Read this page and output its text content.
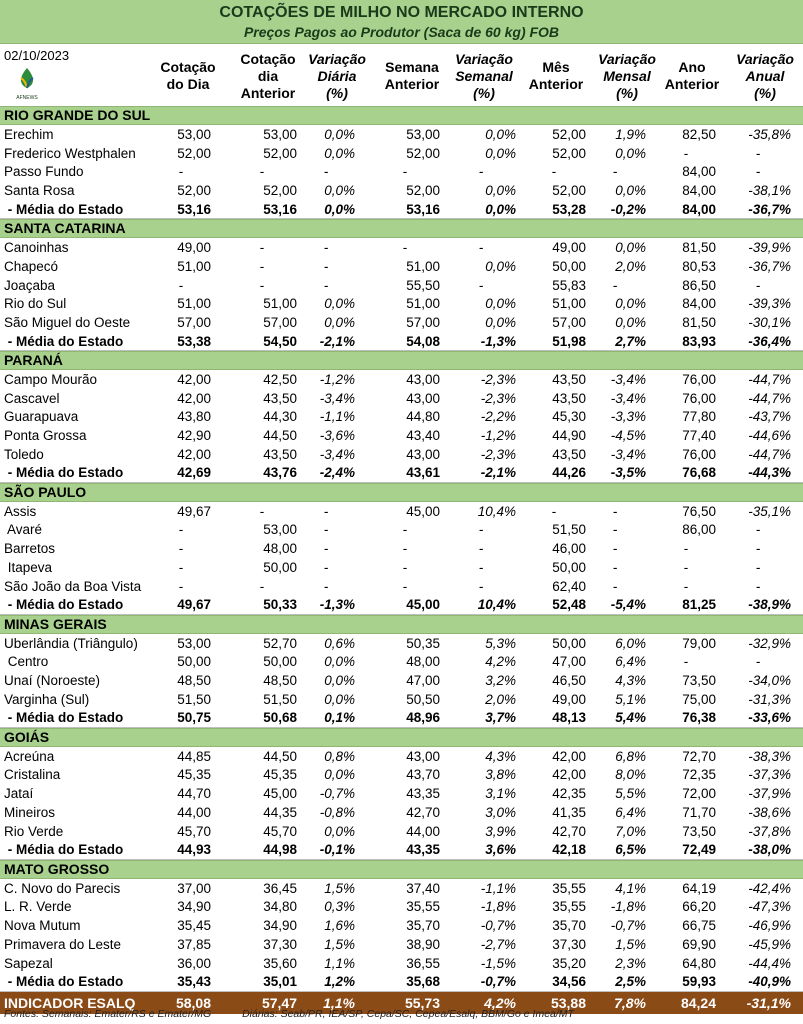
COTAÇÕES DE MILHO NO MERCADO INTERNO
Preços Pagos ao Produtor (Saca de 60 kg) FOB
02/10/2023
AFNEWS
Cotação
do Dia
Cotação
dia
Anterior
Variação
Diária
(%)
Semana
Anterior
Variação
Semanal
(%)
Mês
Anterior
Variação
Mensal
(%)
Ano
Anterior
Variação
Anual
(%)
RIO GRANDE DO SUL
Erechim	53,00	53,00	0,0%	53,00	0,0%	52,00	1,9%	82,50	-35,8%
Frederico Westphalen	52,00	52,00	0,0%	52,00	0,0%	52,00	0,0%	-	-
Passo Fundo	-	-	-	-	-	-	-	84,00	-
Santa Rosa	52,00	52,00	0,0%	52,00	0,0%	52,00	0,0%	84,00	-38,1%
- Média do Estado	53,16	53,16	0,0%	53,16	0,0%	53,28	-0,2%	84,00	-36,7%
SANTA CATARINA
Canoinhas	49,00	-	-	-	-	49,00	0,0%	81,50	-39,9%
Chapecó	51,00	-	-	51,00	0,0%	50,00	2,0%	80,53	-36,7%
Joaçaba	-	-	-	55,50	-	55,83	-	86,50	-
Rio do Sul	51,00	51,00	0,0%	51,00	0,0%	51,00	0,0%	84,00	-39,3%
São Miguel do Oeste	57,00	57,00	0,0%	57,00	0,0%	57,00	0,0%	81,50	-30,1%
- Média do Estado	53,38	54,50	-2,1%	54,08	-1,3%	51,98	2,7%	83,93	-36,4%
PARANÁ
Campo Mourão	42,00	42,50	-1,2%	43,00	-2,3%	43,50	-3,4%	76,00	-44,7%
Cascavel	42,00	43,50	-3,4%	43,00	-2,3%	43,50	-3,4%	76,00	-44,7%
Guarapuava	43,80	44,30	-1,1%	44,80	-2,2%	45,30	-3,3%	77,80	-43,7%
Ponta Grossa	42,90	44,50	-3,6%	43,40	-1,2%	44,90	-4,5%	77,40	-44,6%
Toledo	42,00	43,50	-3,4%	43,00	-2,3%	43,50	-3,4%	76,00	-44,7%
- Média do Estado	42,69	43,76	-2,4%	43,61	-2,1%	44,26	-3,5%	76,68	-44,3%
SÃO PAULO
Assis	49,67	-	-	45,00	10,4%	-	-	76,50	-35,1%
Avaré	-	53,00	-	-	-	51,50	-	86,00	-
Barretos	-	48,00	-	-	-	46,00	-	-	-
Itapeva	-	50,00	-	-	-	50,00	-	-	-
São João da Boa Vista	-	-	-	-	-	62,40	-	-	-
- Média do Estado	49,67	50,33	-1,3%	45,00	10,4%	52,48	-5,4%	81,25	-38,9%
MINAS GERAIS
Uberlândia (Triângulo)	53,00	52,70	0,6%	50,35	5,3%	50,00	6,0%	79,00	-32,9%
Centro	50,00	50,00	0,0%	48,00	4,2%	47,00	6,4%	-	-
Unaí (Noroeste)	48,50	48,50	0,0%	47,00	3,2%	46,50	4,3%	73,50	-34,0%
Varginha (Sul)	51,50	51,50	0,0%	50,50	2,0%	49,00	5,1%	75,00	-31,3%
- Média do Estado	50,75	50,68	0,1%	48,96	3,7%	48,13	5,4%	76,38	-33,6%
GOIÁS
Acreúna	44,85	44,50	0,8%	43,00	4,3%	42,00	6,8%	72,70	-38,3%
Cristalina	45,35	45,35	0,0%	43,70	3,8%	42,00	8,0%	72,35	-37,3%
Jataí	44,70	45,00	-0,7%	43,35	3,1%	42,35	5,5%	72,00	-37,9%
Mineiros	44,00	44,35	-0,8%	42,70	3,0%	41,35	6,4%	71,70	-38,6%
Rio Verde	45,70	45,70	0,0%	44,00	3,9%	42,70	7,0%	73,50	-37,8%
- Média do Estado	44,93	44,98	-0,1%	43,35	3,6%	42,18	6,5%	72,49	-38,0%
MATO GROSSO
C. Novo do Parecis	37,00	36,45	1,5%	37,40	-1,1%	35,55	4,1%	64,19	-42,4%
L. R. Verde	34,90	34,80	0,3%	35,55	-1,8%	35,55	-1,8%	66,20	-47,3%
Nova Mutum	35,45	34,90	1,6%	35,70	-0,7%	35,70	-0,7%	66,75	-46,9%
Primavera do Leste	37,85	37,30	1,5%	38,90	-2,7%	37,30	1,5%	69,90	-45,9%
Sapezal	36,00	35,60	1,1%	36,55	-1,5%	35,20	2,3%	64,80	-44,4%
- Média do Estado	35,43	35,01	1,2%	35,68	-0,7%	34,56	2,5%	59,93	-40,9%
INDICADOR ESALQ	58,08	57,47	1,1%	55,73	4,2%	53,88	7,8%	84,24	-31,1%
Fontes: Semanais: Emater/RS e Emater/MG	Diárias: Seab/PR, IEA/SP, Cepa/SC, Cepea/Esalq, BBM/Go e Imea/MT
